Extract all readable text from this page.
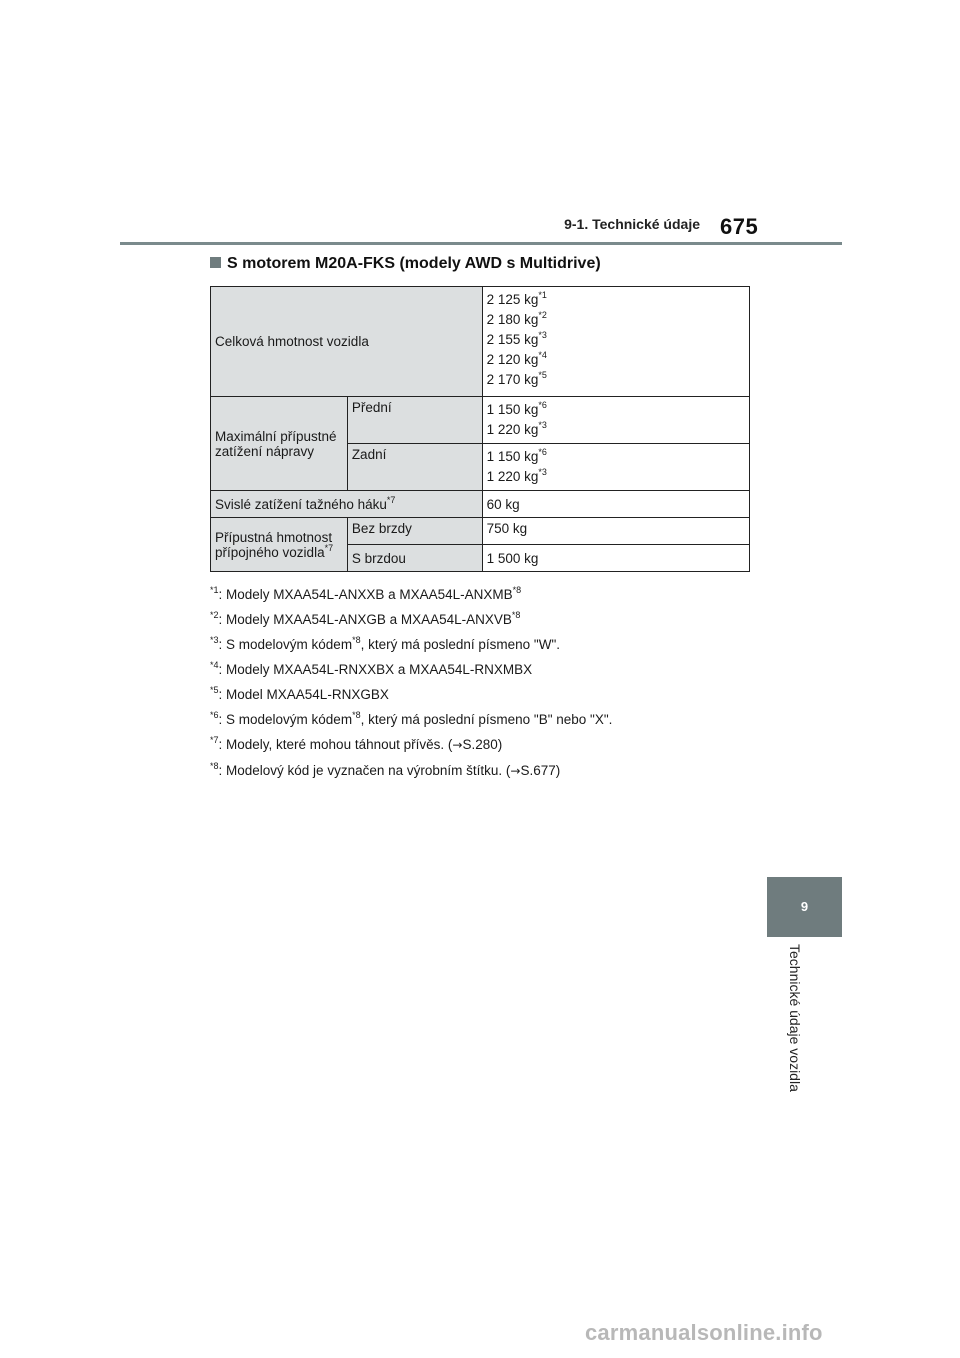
9-1. Technické údaje 675
S motorem M20A-FKS (modely AWD s Multidrive)
Celková hmotnost vozidla		2 125 $kg^{*1}$
2 180 $kg^{*2}$
2 155 $kg^{*3}$
2 120 $kg^{*4}$
2 170 $kg^{*5}$

Maximální přípustné zatížení nápravy	Přední	1 150 $kg^{*6}$
1 220 $kg^{*3}$

	Zadní	1 150 $kg^{*6}$
1 220 $kg^{*3}$

Svislé zatížení tažného háku$^{*7}$		60 kg
Přípustná hmotnost přípojného vozidla$^{*7}$	Bez brzdy	750 kg
	S brzdou	1 500 kg
$^{*1}$: Modely MXAA54L-ANXXB a MXAA54L-ANXMB$^{*8}$
$^{*2}$: Modely MXAA54L-ANXGB a MXAA54L-ANXVB$^{*8}$
$^{*3}$: S modelovým kódem$^{*8}$, který má poslední písmeno "W".
$^{*4}$: Modely MXAA54L-RNXXBX a MXAA54L-RNXMBX
$^{*5}$: Model MXAA54L-RNXGBX
$^{*6}$: S modelovým kódem$^{*8}$, který má poslední písmeno "B" nebo "X".
$^{*7}$: Modely, které mohou táhnout přívěs. (→S.280)
$^{*8}$: Modelový kód je vyznačen na výrobním štítku. (→S.677)
9
Technické údaje vozidla
carmanualsonline.info
